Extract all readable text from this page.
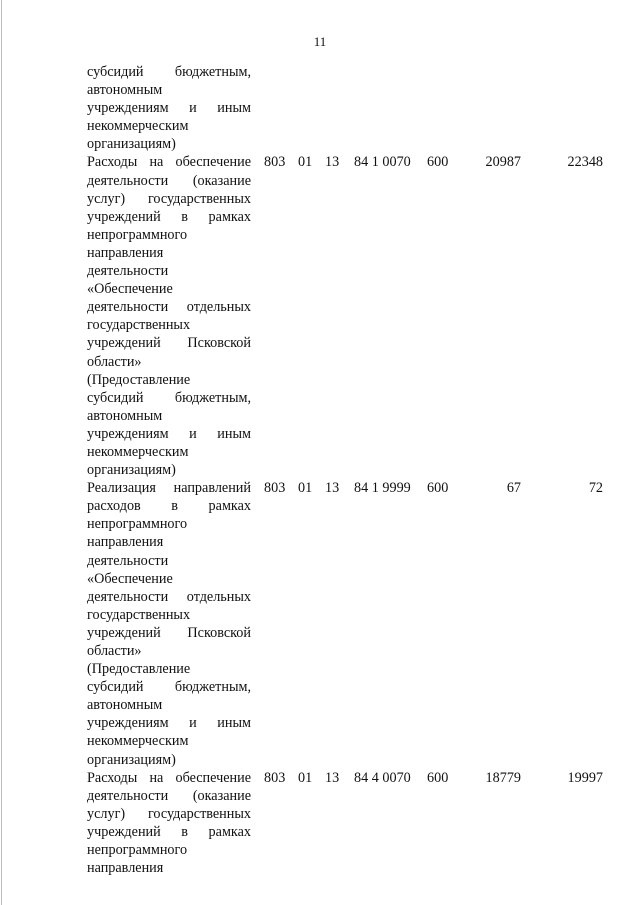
11
субсидий бюджетным,
автономным
учреждениям и иным
некоммерческим
организациям)
Расходы на обеспечение
деятельности (оказание
услуг) государственных
учреждений в рамках
непрограммного
направления
деятельности
«Обеспечение
деятельности отдельных
государственных
учреждений Псковской
области»
(Предоставление
субсидий бюджетным,
автономным
учреждениям и иным
некоммерческим
организациям)
803 01 13 84 1 0070 600	20987	22348
Реализация направлений
расходов в рамках
непрограммного
направления
деятельности
«Обеспечение
деятельности отдельных
государственных
учреждений Псковской
области»
(Предоставление
субсидий бюджетным,
автономным
учреждениям и иным
некоммерческим
организациям)
803 01 13 84 1 9999 600	67	72
Расходы на обеспечение
деятельности (оказание
услуг) государственных
учреждений в рамках
непрограммного
направления
803 01 13 84 4 0070 600	18779	19997
